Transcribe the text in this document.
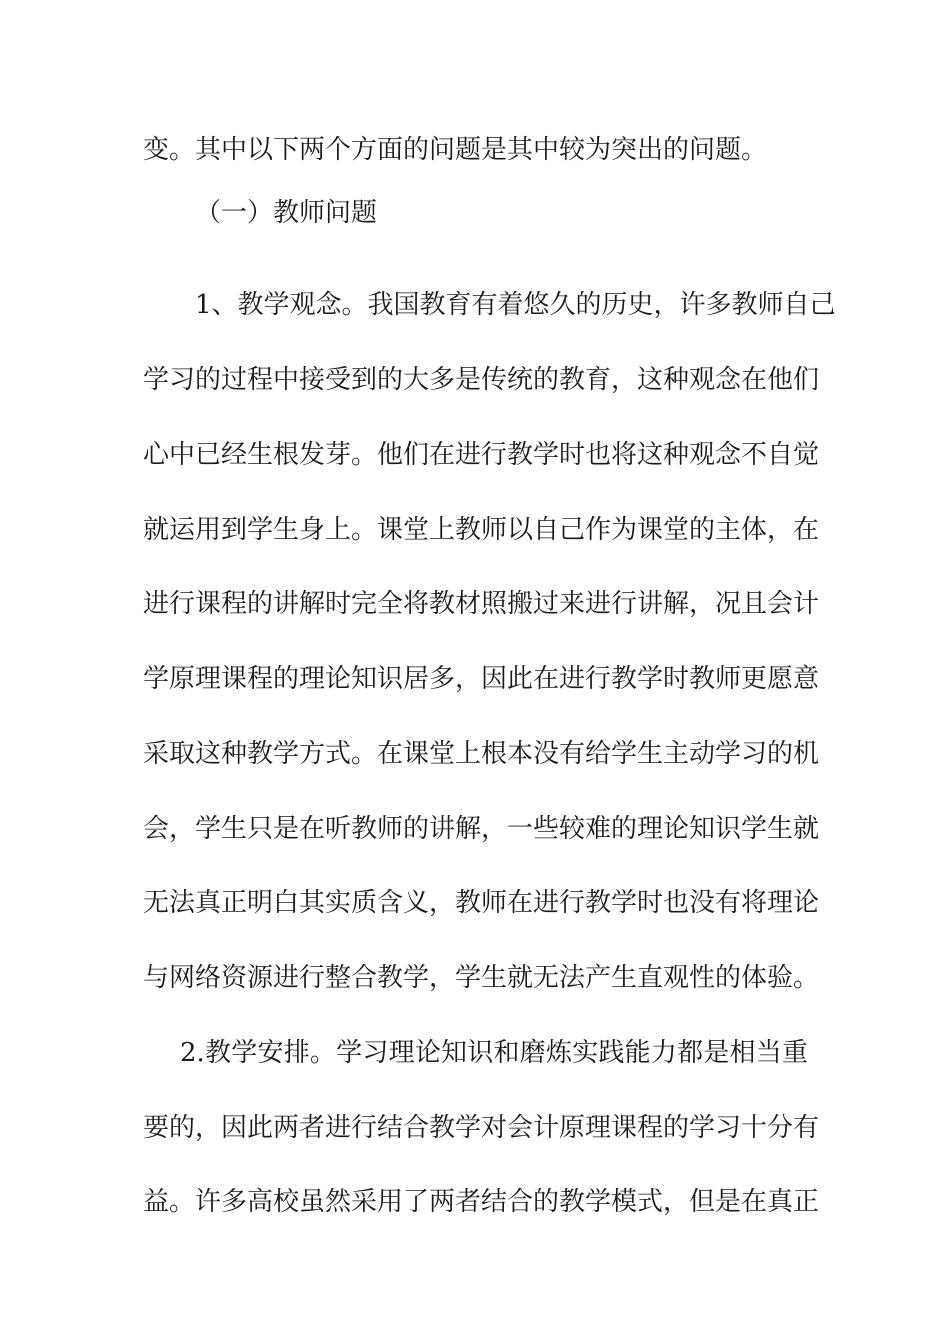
变。其中以下两个方面的问题是其中较为突出的问题。
（一）教师问题
1、教学观念。我国教育有着悠久的历史，许多教师自己
学习的过程中接受到的大多是传统的教育，这种观念在他们
心中已经生根发芽。他们在进行教学时也将这种观念不自觉
就运用到学生身上。课堂上教师以自己作为课堂的主体，在
进行课程的讲解时完全将教材照搬过来进行讲解，况且会计
学原理课程的理论知识居多，因此在进行教学时教师更愿意
采取这种教学方式。在课堂上根本没有给学生主动学习的机
会，学生只是在听教师的讲解，一些较难的理论知识学生就
无法真正明白其实质含义，教师在进行教学时也没有将理论
与网络资源进行整合教学，学生就无法产生直观性的体验。
2.教学安排。学习理论知识和磨炼实践能力都是相当重
要的，因此两者进行结合教学对会计原理课程的学习十分有
益。许多高校虽然采用了两者结合的教学模式，但是在真正
